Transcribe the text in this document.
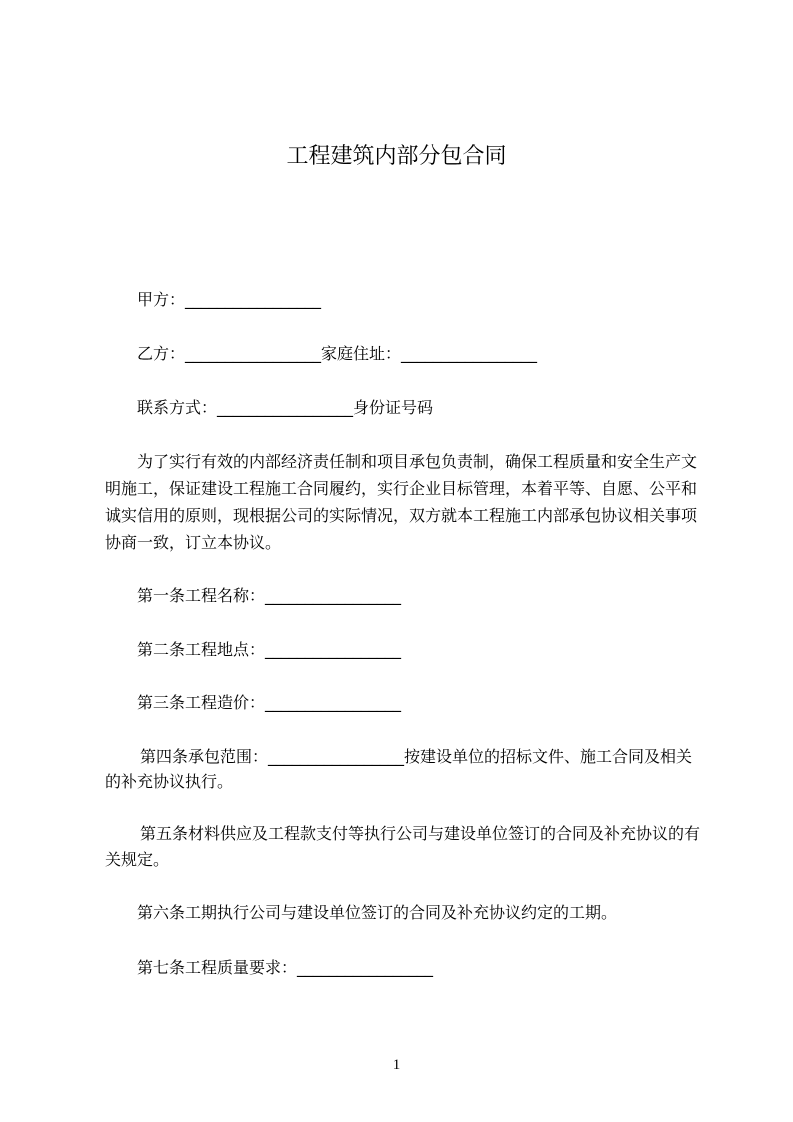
工程建筑内部分包合同
甲方：_________________
乙方：_________________家庭住址：_________________
联系方式：_________________身份证号码
为了实行有效的内部经济责任制和项目承包负责制，确保工程质量和安全生产文
明施工，保证建设工程施工合同履约，实行企业目标管理，本着平等、自愿、公平和
诚实信用的原则，现根据公司的实际情况，双方就本工程施工内部承包协议相关事项
协商一致，订立本协议。
第一条工程名称：_________________
第二条工程地点：_________________
第三条工程造价：_________________
第四条承包范围：_________________按建设单位的招标文件、施工合同及相关
的补充协议执行。
第五条材料供应及工程款支付等执行公司与建设单位签订的合同及补充协议的有
关规定。
第六条工期执行公司与建设单位签订的合同及补充协议约定的工期。
第七条工程质量要求：_________________
1
